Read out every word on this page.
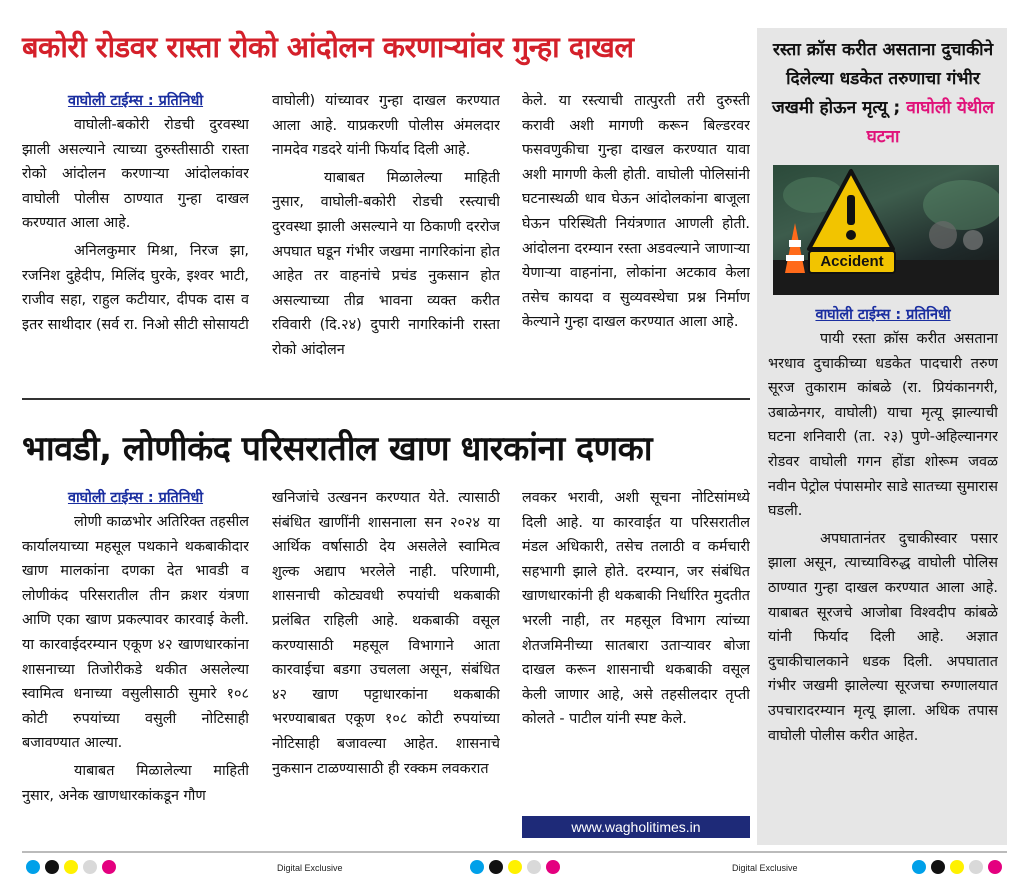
बकोरी रोडवर रास्ता रोको आंदोलन करणाऱ्यांवर गुन्हा दाखल
वाघोली टाईम्स : प्रतिनिधी

वाघोली-बकोरी रोडची दुरवस्था झाली असल्याने त्याच्या दुरुस्तीसाठी रास्ता रोको आंदोलन करणाऱ्या आंदोलकांवर वाघोली पोलीस ठाण्यात गुन्हा दाखल करण्यात आला आहे.

अनिलकुमार मिश्रा, निरज झा, रजनिश दुहेदीप, मिलिंद घुरके, इश्वर भाटी, राजीव सहा, राहुल कटीयार, दीपक दास व इतर साथीदार (सर्व रा. निओ सीटी सोसायटी

वाघोली) यांच्यावर गुन्हा दाखल करण्यात आला आहे. याप्रकरणी पोलीस अंमलदार नामदेव गडदरे यांनी फिर्याद दिली आहे.

याबाबत मिळालेल्या माहिती नुसार, वाघोली-बकोरी रोडची रस्त्याची दुरवस्था झाली असल्याने या ठिकाणी दररोज अपघात घडून गंभीर जखमा नागरिकांना होत आहेत तर वाहनांचे प्रचंड नुकसान होत असल्याच्या तीव्र भावना व्यक्त करीत रविवारी (दि.२४) दुपारी नागरिकांनी रास्ता रोको आंदोलन

केले. या रस्त्याची तात्पुरती तरी दुरुस्ती करावी अशी मागणी करून बिल्डरवर फसवणुकीचा गुन्हा दाखल करण्यात यावा अशी मागणी केली होती. वाघोली पोलिसांनी घटनास्थळी धाव घेऊन आंदोलकांना बाजूला घेऊन परिस्थिती नियंत्रणात आणली होती. आंदोलना दरम्यान रस्ता अडवल्याने जाणाऱ्या येणाऱ्या वाहनांना, लोकांना अटकाव केला तसेच कायदा व सुव्यवस्थेचा प्रश्न निर्माण केल्याने गुन्हा दाखल करण्यात आला आहे.

भावडी, लोणीकंद परिसरातील खाण धारकांना दणका
वाघोली टाईम्स : प्रतिनिधी

लोणी काळभोर अतिरिक्त तहसील कार्यालयाच्या महसूल पथकाने थकबाकीदार खाण मालकांना दणका देत भावडी व लोणीकंद परिसरातील तीन क्रशर यंत्रणा आणि एका खाण प्रकल्पावर कारवाई केली. या कारवाईदरम्यान एकूण ४२ खाणधारकांना शासनाच्या तिजोरीकडे थकीत असलेल्या स्वामित्व धनाच्या वसुलीसाठी सुमारे १०८ कोटी रुपयांच्या वसुली नोटिसाही बजावण्यात आल्या.

याबाबत मिळालेल्या माहिती नुसार, अनेक खाणधारकांकडून गौण

खनिजांचे उत्खनन करण्यात येते. त्यासाठी संबंधित खाणींनी शासनाला सन २०२४ या आर्थिक वर्षासाठी देय असलेले स्वामित्व शुल्क अद्याप भरलेले नाही. परिणामी, शासनाची कोट्यवधी रुपयांची थकबाकी प्रलंबित राहिली आहे. थकबाकी वसूल करण्यासाठी महसूल विभागाने आता कारवाईचा बडगा उचलला असून, संबंधित ४२ खाण पट्टाधारकांना थकबाकी भरण्याबाबत एकूण १०८ कोटी रुपयांच्या नोटिसाही बजावल्या आहेत. शासनाचे नुकसान टाळण्यासाठी ही रक्कम लवकरात

लवकर भरावी, अशी सूचना नोटिसांमध्ये दिली आहे. या कारवाईत या परिसरातील मंडल अधिकारी, तसेच तलाठी व कर्मचारी सहभागी झाले होते. दरम्यान, जर संबंधित खाणधारकांनी ही थकबाकी निर्धारित मुदतीत भरली नाही, तर महसूल विभाग त्यांच्या शेतजमिनीच्या सातबारा उताऱ्यावर बोजा दाखल करून शासनाची थकबाकी वसूल केली जाणार आहे, असे तहसीलदार तृप्ती कोलते - पाटील यांनी स्पष्ट केले.

www.wagholitimes.in
रस्ता क्रॉस करीत असताना दुचाकीने दिलेल्या धडकेत तरुणाचा गंभीर जखमी होऊन मृत्यू ; वाघोली येथील घटना
Accident
वाघोली टाईम्स : प्रतिनिधी

पायी रस्ता क्रॉस करीत असताना भरधाव दुचाकीच्या धडकेत पादचारी तरुण सूरज तुकाराम कांबळे (रा. प्रियंकानगरी, उबाळेनगर, वाघोली) याचा मृत्यू झाल्याची घटना शनिवारी (ता. २३) पुणे-अहिल्यानगर रोडवर वाघोली गगन होंडा शोरूम जवळ नवीन पेट्रोल पंपासमोर साडे सातच्या सुमारास घडली.

अपघातानंतर दुचाकीस्वार पसार झाला असून, त्याच्याविरुद्ध वाघोली पोलिस ठाण्यात गुन्हा दाखल करण्यात आला आहे. याबाबत सूरजचे आजोबा विश्वदीप कांबळे यांनी फिर्याद दिली आहे. अज्ञात दुचाकीचालकाने धडक दिली. अपघातात गंभीर जखमी झालेल्या सूरजचा रुग्णालयात उपचारादरम्यान मृत्यू झाला. अधिक तपास वाघोली पोलीस करीत आहेत.

Digital Exclusive	Digital Exclusive
